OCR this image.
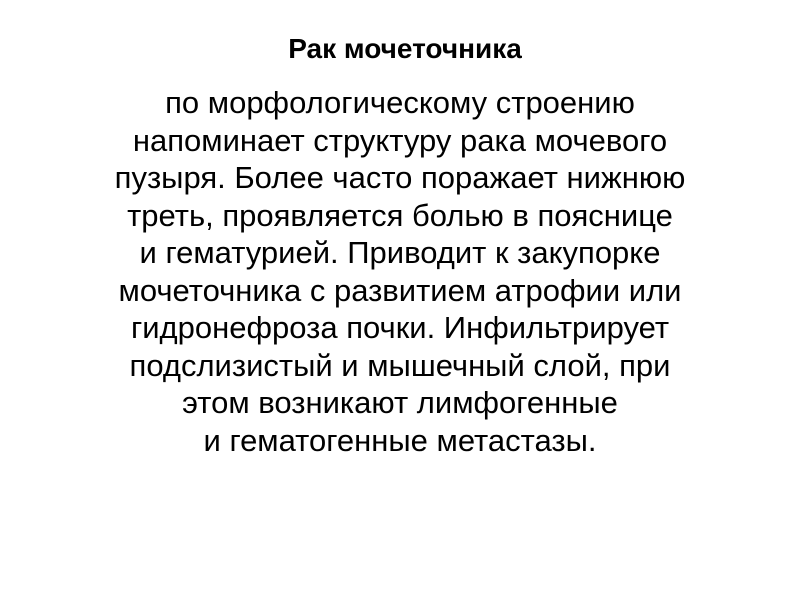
Рак мочеточника
по морфологическому строению
напоминает структуру рака мочевого
пузыря. Более часто поражает нижнюю
треть, проявляется болью в пояснице
и гематурией. Приводит к закупорке
мочеточника с развитием атрофии или
гидронефроза почки. Инфильтрирует
подслизистый и мышечный слой, при
этом возникают лимфогенные
и гематогенные метастазы.
